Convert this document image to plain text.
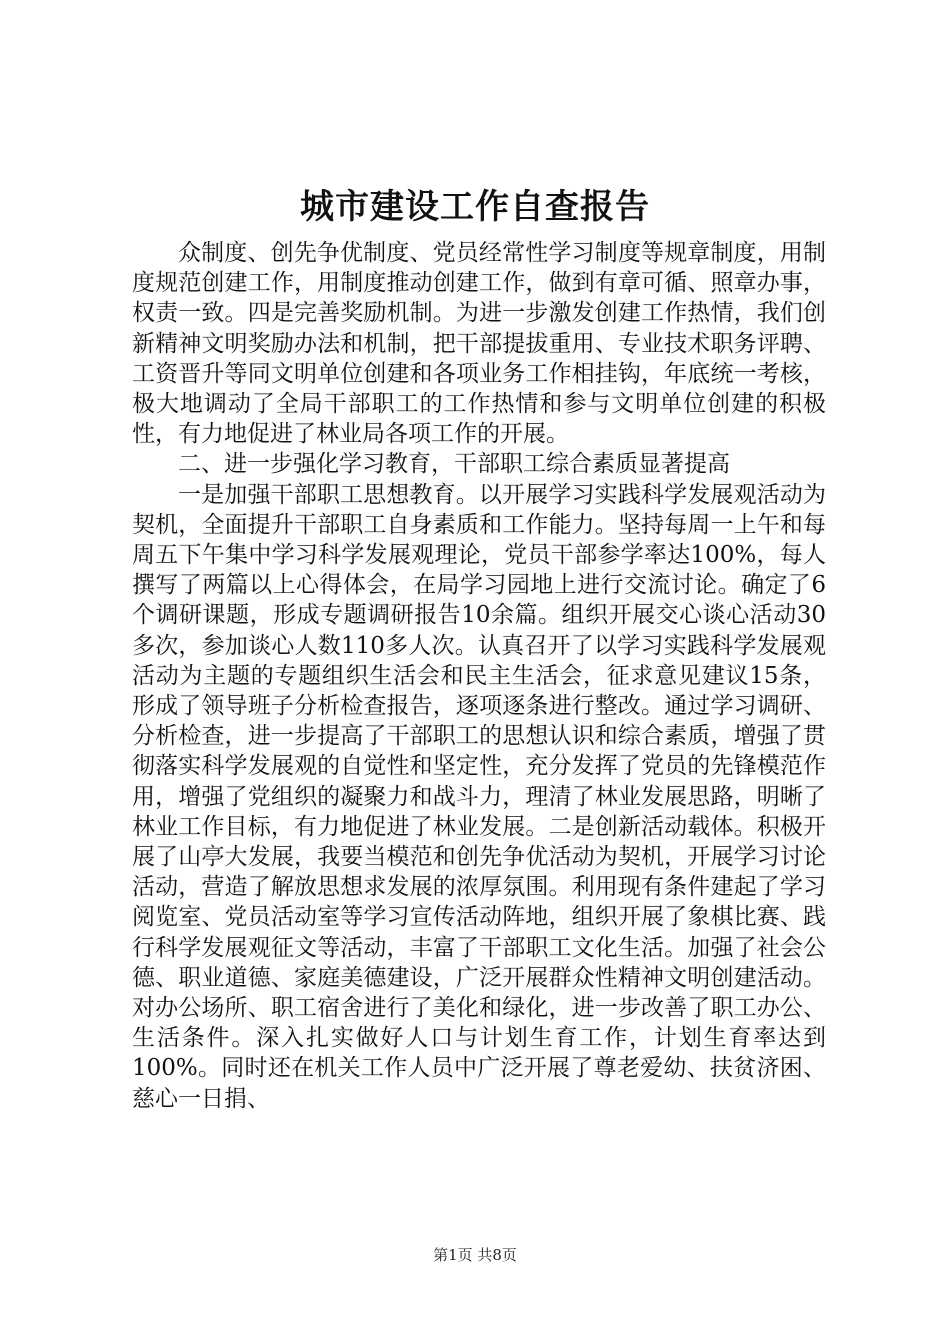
城市建设工作自查报告

众制度、创先争优制度、党员经常性学习制度等规章制度，用制度规范创建工作，用制度推动创建工作，做到有章可循、照章办事，权责一致。四是完善奖励机制。为进一步激发创建工作热情，我们创新精神文明奖励办法和机制，把干部提拔重用、专业技术职务评聘、工资晋升等同文明单位创建和各项业务工作相挂钩，年底统一考核，极大地调动了全局干部职工的工作热情和参与文明单位创建的积极性，有力地促进了林业局各项工作的开展。

二、进一步强化学习教育，干部职工综合素质显著提高

一是加强干部职工思想教育。以开展学习实践科学发展观活动为契机，全面提升干部职工自身素质和工作能力。坚持每周一上午和每周五下午集中学习科学发展观理论，党员干部参学率达100%，每人撰写了两篇以上心得体会，在局学习园地上进行交流讨论。确定了6个调研课题，形成专题调研报告10余篇。组织开展交心谈心活动30多次，参加谈心人数110多人次。认真召开了以学习实践科学发展观活动为主题的专题组织生活会和民主生活会，征求意见建议15条，形成了领导班子分析检查报告，逐项逐条进行整改。通过学习调研、分析检查，进一步提高了干部职工的思想认识和综合素质，增强了贯彻落实科学发展观的自觉性和坚定性，充分发挥了党员的先锋模范作用，增强了党组织的凝聚力和战斗力，理清了林业发展思路，明晰了林业工作目标，有力地促进了林业发展。二是创新活动载体。积极开展了山亭大发展，我要当模范和创先争优活动为契机，开展学习讨论活动，营造了解放思想求发展的浓厚氛围。利用现有条件建起了学习阅览室、党员活动室等学习宣传活动阵地，组织开展了象棋比赛、践行科学发展观征文等活动，丰富了干部职工文化生活。加强了社会公德、职业道德、家庭美德建设，广泛开展群众性精神文明创建活动。对办公场所、职工宿舍进行了美化和绿化，进一步改善了职工办公、生活条件。深入扎实做好人口与计划生育工作，计划生育率达到100%。同时还在机关工作人员中广泛开展了尊老爱幼、扶贫济困、慈心一日捐、

第1页 共8页
